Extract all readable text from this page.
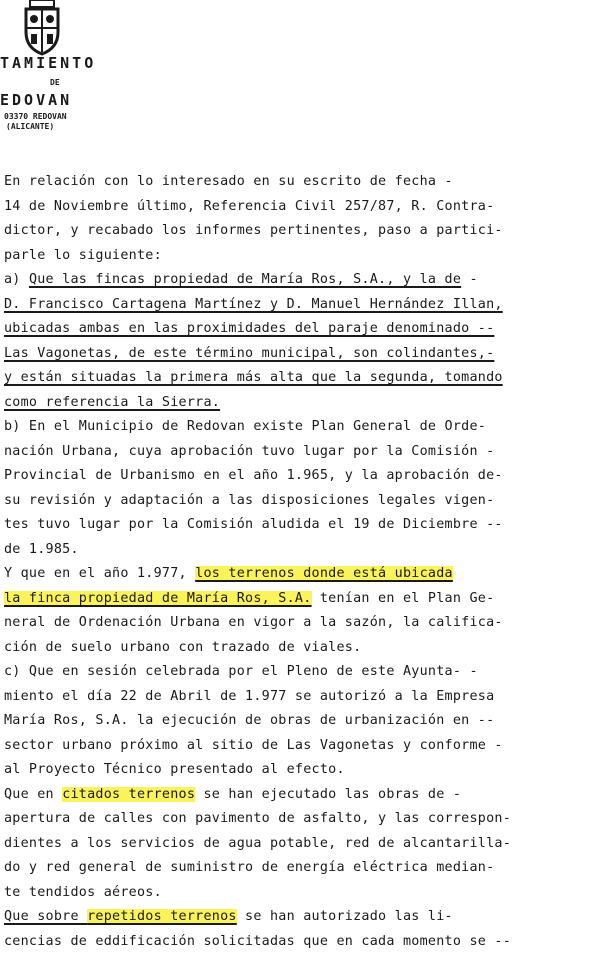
TAMIENTO
DE
EDOVAN
03370 REDOVAN
(ALICANTE)
En relación con lo interesado en su escrito de fecha -
14 de Noviembre último, Referencia Civil 257/87, R. Contra-
dictor, y recabado los informes pertinentes, paso a partici-
parle lo siguiente:
a) Que las fincas propiedad de María Ros, S.A., y la de -
D. Francisco Cartagena Martínez y D. Manuel Hernández Illan,
ubicadas ambas en las proximidades del paraje denominado --
Las Vagonetas, de este término municipal, son colindantes,-
y están situadas la primera más alta que la segunda, tomando
como referencia la Sierra.
b) En el Municipio de Redovan existe Plan General de Orde-
nación Urbana, cuya aprobación tuvo lugar por la Comisión -
Provincial de Urbanismo en el año 1.965, y la aprobación de-
su revisión y adaptación a las disposiciones legales vigen-
tes tuvo lugar por la Comisión aludida el 19 de Diciembre --
de 1.985.
Y que en el año 1.977, los terrenos donde está ubicada
la finca propiedad de María Ros, S.A. tenían en el Plan Ge-
neral de Ordenación Urbana en vigor a la sazón, la califica-
ción de suelo urbano con trazado de viales.
c) Que en sesión celebrada por el Pleno de este Ayunta- -
miento el día 22 de Abril de 1.977 se autorizó a la Empresa
María Ros, S.A. la ejecución de obras de urbanización en --
sector urbano próximo al sitio de Las Vagonetas y conforme -
al Proyecto Técnico presentado al efecto.
Que en citados terrenos se han ejecutado las obras de -
apertura de calles con pavimento de asfalto, y las correspon-
dientes a los servicios de agua potable, red de alcantarilla-
do y red general de suministro de energía eléctrica median-
te tendidos aéreos.
Que sobre repetidos terrenos se han autorizado las li-
cencias de eddificación solicitadas que en cada momento se --
